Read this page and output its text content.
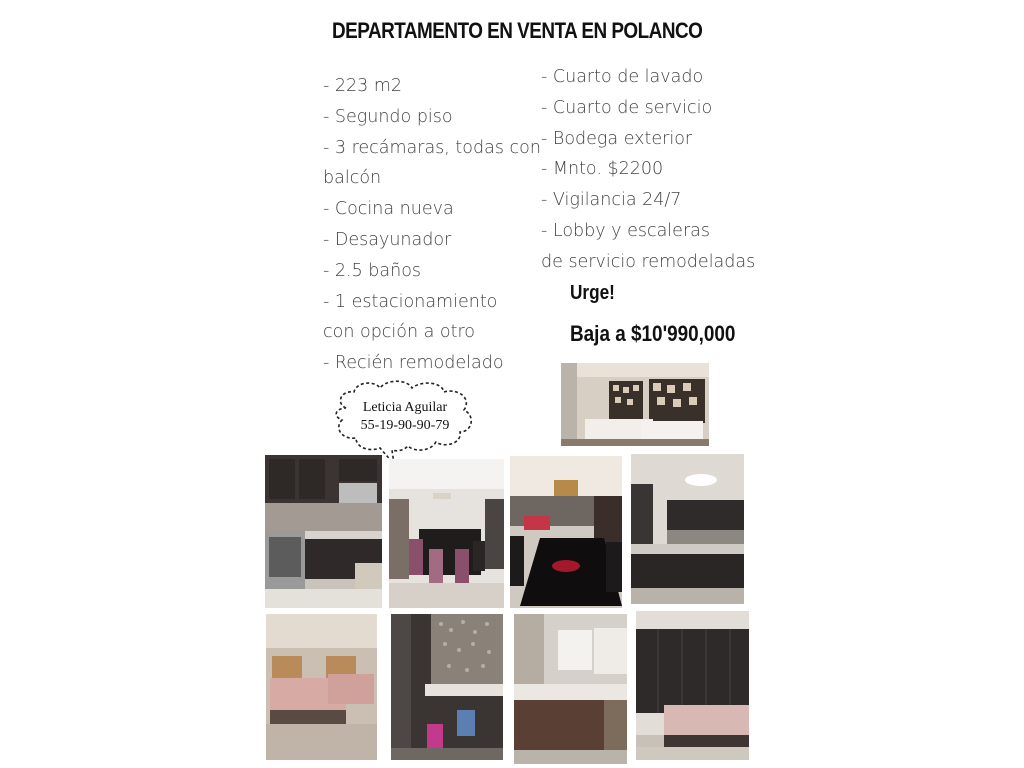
DEPARTAMENTO EN VENTA EN POLANCO
- 223 m2
- Segundo piso
- 3 recámaras, todas con
balcón
- Cocina nueva
- Desayunador
- 2.5 baños
- 1 estacionamiento
con opción a otro
- Recién remodelado
- Cuarto de lavado
- Cuarto de servicio
- Bodega exterior
- Mnto. $2200
- Vigilancia 24/7
- Lobby y escaleras
de servicio remodeladas
Urge!
Baja a $10'990,000
Leticia Aguilar
55-19-90-90-79
